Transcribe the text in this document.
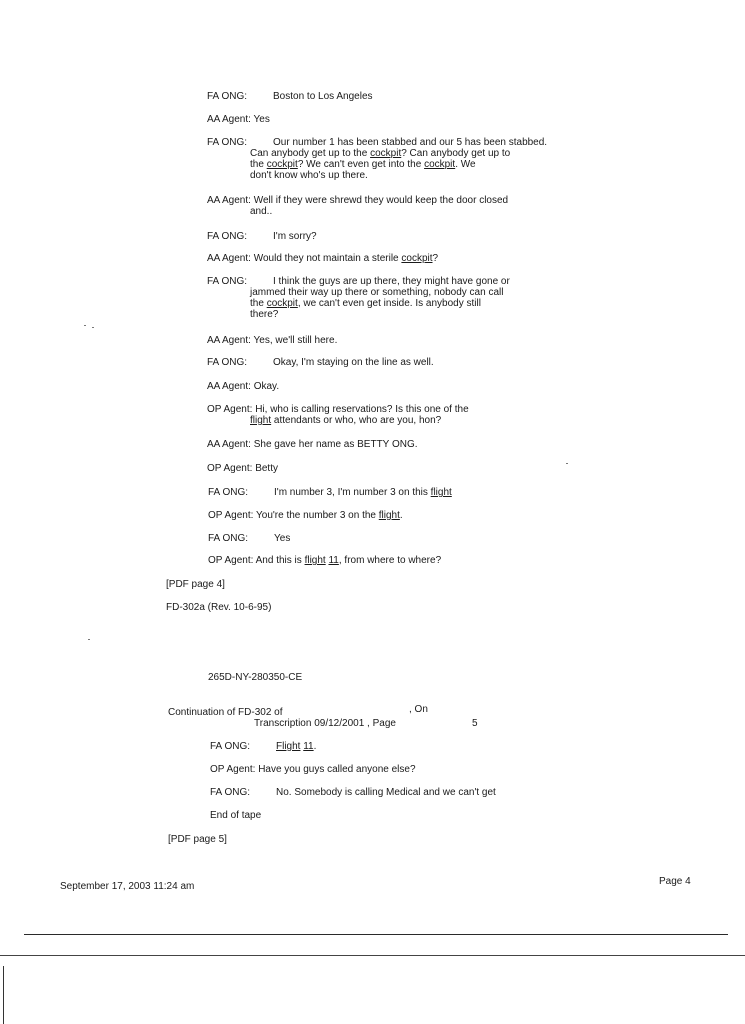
FA ONG:	Boston to Los Angeles
AA Agent: Yes
FA ONG:	Our number 1 has been stabbed and our 5 has been stabbed.
Can anybody get up to the cockpit? Can anybody get up to
the cockpit? We can't even get into the cockpit. We
don't know who's up there.
AA Agent: Well if they were shrewd they would keep the door closed
and..
FA ONG:	I'm sorry?
AA Agent: Would they not maintain a sterile cockpit?
FA ONG:	I think the guys are up there, they might have gone or
jammed their way up there or something, nobody can call
the cockpit, we can't even get inside. Is anybody still
there?
AA Agent: Yes, we'll still here.
FA ONG:	Okay, I'm staying on the line as well.
AA Agent: Okay.
OP Agent: Hi, who is calling reservations? Is this one of the
flight attendants or who, who are you, hon?
AA Agent: She gave her name as BETTY ONG.
OP Agent: Betty
FA ONG:	I'm number 3, I'm number 3 on this flight
OP Agent: You're the number 3 on the flight.
FA ONG:	Yes
OP Agent: And this is flight 11, from where to where?
[PDF page 4]
FD-302a (Rev. 10-6-95)
265D-NY-280350-CE
Continuation of FD-302 of	, On
Transcription 09/12/2001 , Page	5
FA ONG:	Flight 11.
OP Agent: Have you guys called anyone else?
FA ONG:	No. Somebody is calling Medical and we can't get
End of tape
[PDF page 5]
September 17, 2003 11:24 am	Page 4
